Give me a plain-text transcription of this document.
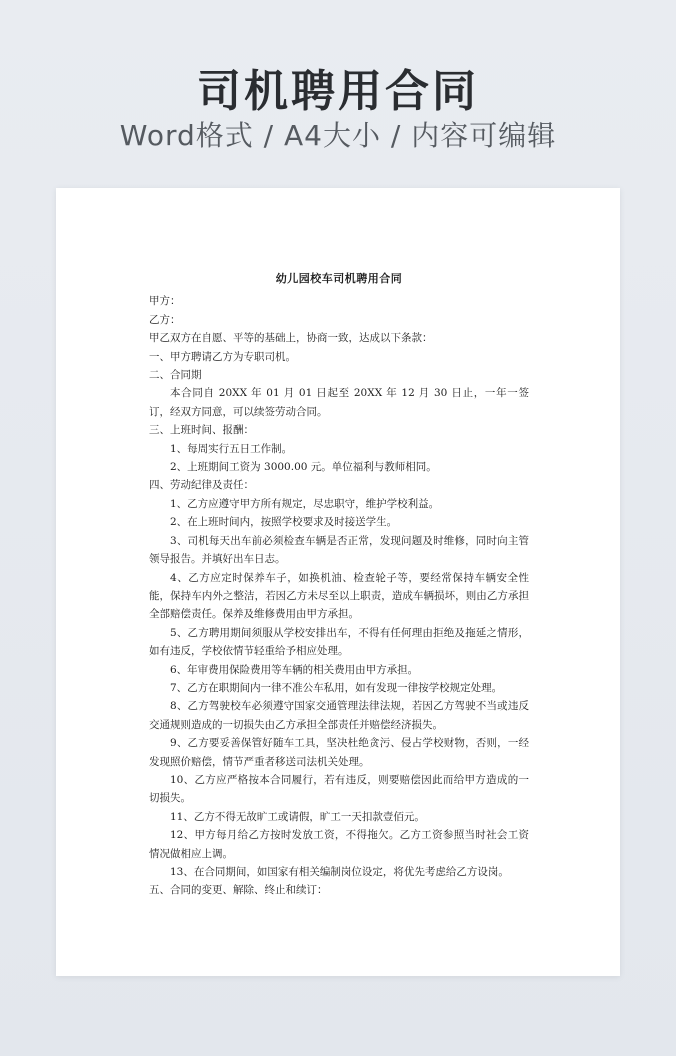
司机聘用合同
Word格式 / A4大小 / 内容可编辑
幼儿园校车司机聘用合同

甲方：

乙方：

甲乙双方在自愿、平等的基础上，协商一致，达成以下条款：

一、甲方聘请乙方为专职司机。

二、合同期

本合同自 20XX 年 01 月 01 日起至 20XX 年 12 月 30 日止，一年一签订，经双方同意，可以续签劳动合同。

三、上班时间、报酬：

1、每周实行五日工作制。

2、上班期间工资为 3000.00 元。单位福利与教师相同。

四、劳动纪律及责任：

1、乙方应遵守甲方所有规定，尽忠职守，维护学校利益。

2、在上班时间内，按照学校要求及时接送学生。

3、司机每天出车前必须检查车辆是否正常，发现问题及时维修，同时向主管领导报告。并填好出车日志。

4、乙方应定时保养车子，如换机油、检查轮子等，要经常保持车辆安全性能，保持车内外之整洁，若因乙方未尽至以上职责，造成车辆损坏，则由乙方承担全部赔偿责任。保养及维修费用由甲方承担。

5、乙方聘用期间须服从学校安排出车，不得有任何理由拒绝及拖延之情形，如有违反，学校依情节轻重给予相应处理。

6、年审费用保险费用等车辆的相关费用由甲方承担。

7、乙方在职期间内一律不准公车私用，如有发现一律按学校规定处理。

8、乙方驾驶校车必须遵守国家交通管理法律法规，若因乙方驾驶不当或违反交通规则造成的一切损失由乙方承担全部责任并赔偿经济损失。

9、乙方要妥善保管好随车工具，坚决杜绝贪污、侵占学校财物，否则，一经发现照价赔偿，情节严重者移送司法机关处理。

10、乙方应严格按本合同履行，若有违反，则要赔偿因此而给甲方造成的一切损失。

11、乙方不得无故旷工或请假，旷工一天扣款壹佰元。

12、甲方每月给乙方按时发放工资，不得拖欠。乙方工资参照当时社会工资情况做相应上调。

13、在合同期间，如国家有相关编制岗位设定，将优先考虑给乙方设岗。

五、合同的变更、解除、终止和续订：
